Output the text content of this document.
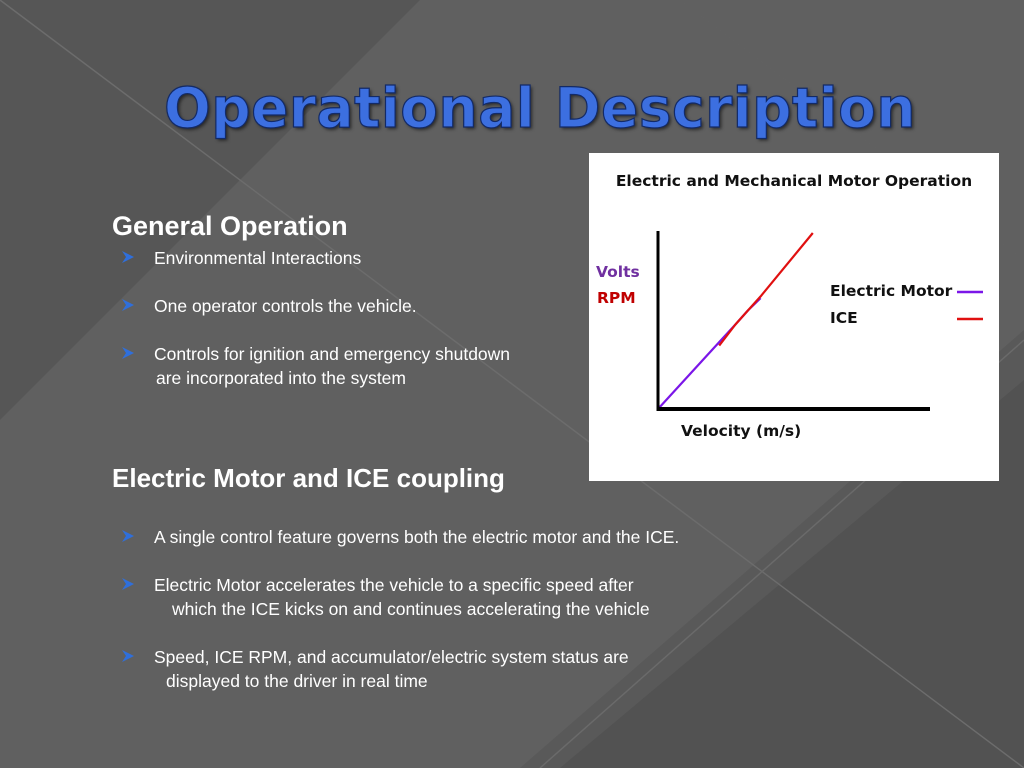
Operational Description
General Operation
Environmental Interactions
One operator controls the vehicle.
Controls for ignition and emergency shutdown
are incorporated into the system
Electric Motor and ICE coupling
A single control feature governs both the electric motor and the ICE.
Electric Motor accelerates the vehicle to a specific speed after
which the ICE kicks on and continues accelerating the vehicle
Speed, ICE RPM, and accumulator/electric system status are
displayed to the driver in real time
Electric and Mechanical Motor Operation
Volts
RPM
Velocity (m/s)
Electric Motor
ICE
